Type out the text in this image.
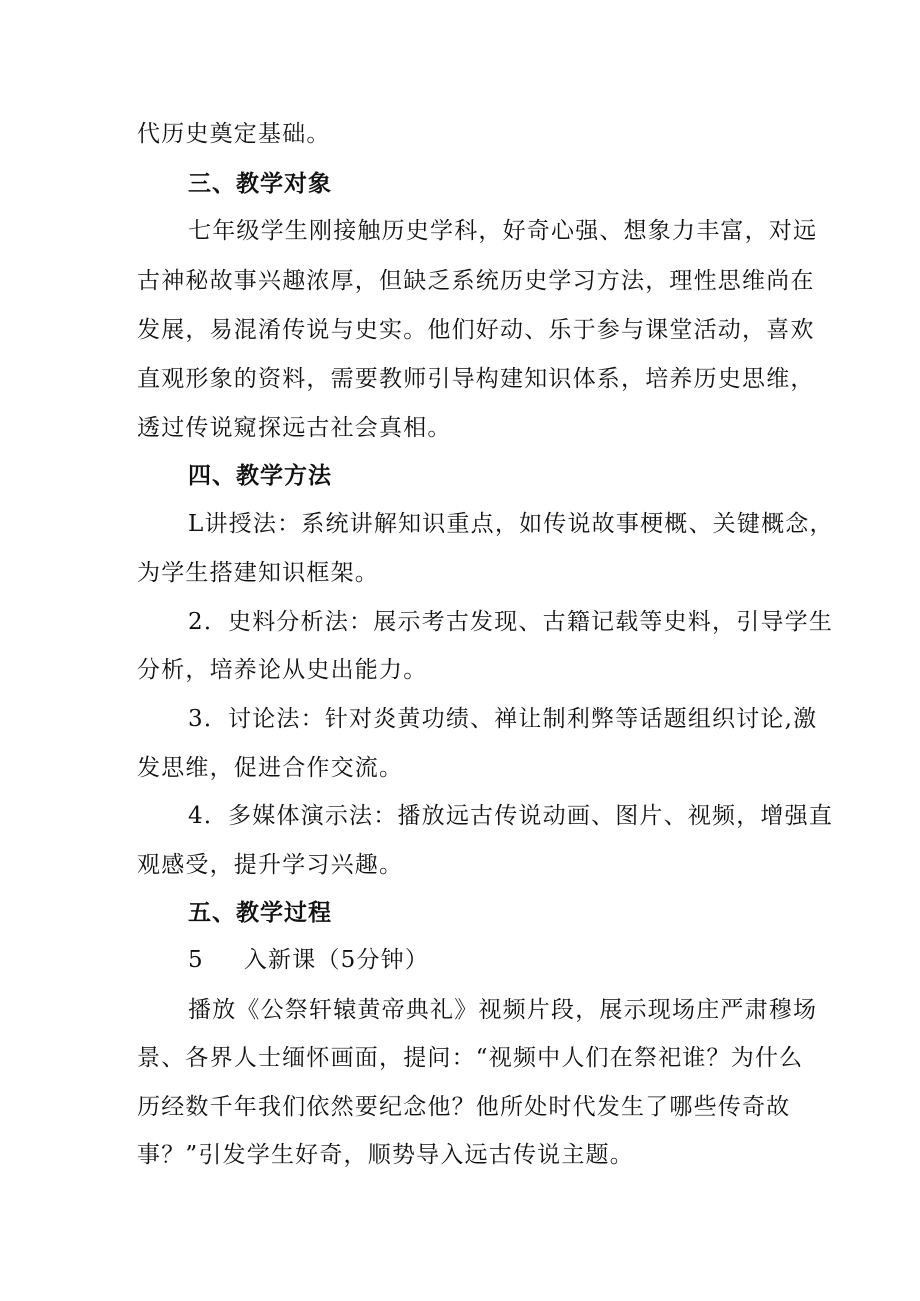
代历史奠定基础。
三、教学对象
七年级学生刚接触历史学科，好奇心强、想象力丰富，对远
古神秘故事兴趣浓厚，但缺乏系统历史学习方法，理性思维尚在
发展，易混淆传说与史实。他们好动、乐于参与课堂活动，喜欢
直观形象的资料，需要教师引导构建知识体系，培养历史思维，
透过传说窥探远古社会真相。
四、教学方法
L讲授法：系统讲解知识重点，如传说故事梗概、关键概念，
为学生搭建知识框架。
2．史料分析法：展示考古发现、古籍记载等史料，引导学生
分析，培养论从史出能力。
3．讨论法：针对炎黄功绩、禅让制利弊等话题组织讨论,激
发思维，促进合作交流。
4．多媒体演示法：播放远古传说动画、图片、视频，增强直
观感受，提升学习兴趣。
五、教学过程
5 入新课（5分钟）
播放《公祭轩辕黄帝典礼》视频片段，展示现场庄严肃穆场
景、各界人士缅怀画面，提问：“视频中人们在祭祀谁？为什么
历经数千年我们依然要纪念他？他所处时代发生了哪些传奇故
事？”引发学生好奇，顺势导入远古传说主题。
